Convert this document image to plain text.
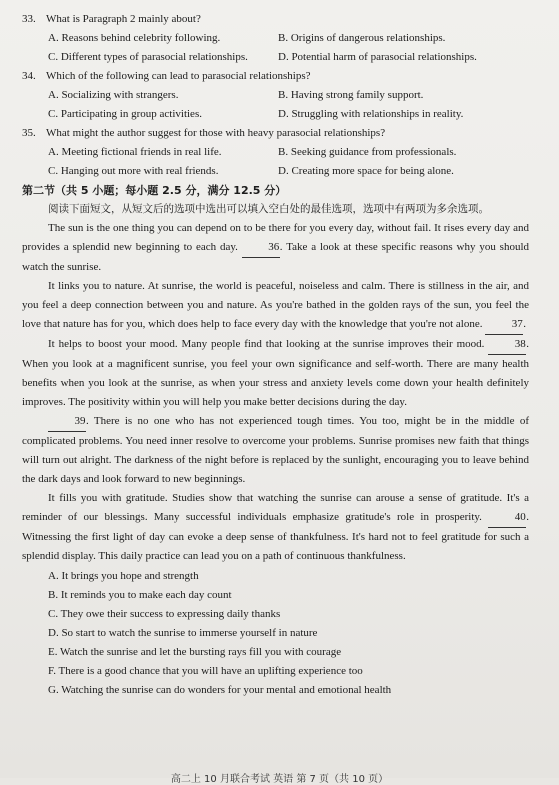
33. What is Paragraph 2 mainly about?
A. Reasons behind celebrity following.	B. Origins of dangerous relationships.
C. Different types of parasocial relationships.	D. Potential harm of parasocial relationships.
34. Which of the following can lead to parasocial relationships?
A. Socializing with strangers.	B. Having strong family support.
C. Participating in group activities.	D. Struggling with relationships in reality.
35. What might the author suggest for those with heavy parasocial relationships?
A. Meeting fictional friends in real life.	B. Seeking guidance from professionals.
C. Hanging out more with real friends.	D. Creating more space for being alone.
第二节（共 5 小题；每小题 2.5 分，满分 12.5 分）
阅读下面短文，从短文后的选项中选出可以填入空白处的最佳选项，选项中有两项为多余选项。

The sun is the one thing you can depend on to be there for you every day, without fail. It rises every day and provides a splendid new beginning to each day.	36. Take a look at these specific reasons why you should watch the sunrise.

It links you to nature. At sunrise, the world is peaceful, noiseless and calm. There is stillness in the air, and you feel a deep connection between you and nature. As you're bathed in the golden rays of the sun, you feel the love that nature has for you, which does help to face every day with the knowledge that you're not alone.	37.

It helps to boost your mood. Many people find that looking at the sunrise improves their mood.	38. When you look at a magnificent sunrise, you feel your own significance and self-worth. There are many health benefits when you look at the sunrise, as when your stress and anxiety levels come down your health definitely improves. The positivity within you will help you make better decisions during the day.

39. There is no one who has not experienced tough times. You too, might be in the middle of complicated problems. You need inner resolve to overcome your problems. Sunrise promises new faith that things will turn out alright. The darkness of the night before is replaced by the sunlight, encouraging you to leave behind the dark days and look forward to new beginnings.

It fills you with gratitude. Studies show that watching the sunrise can arouse a sense of gratitude. It's a reminder of our blessings. Many successful individuals emphasize gratitude's role in prosperity.	40. Witnessing the first light of day can evoke a deep sense of thankfulness. It's hard not to feel gratitude for such a splendid display. This daily practice can lead you on a path of continuous thankfulness.

A. It brings you hope and strength
B. It reminds you to make each day count
C. They owe their success to expressing daily thanks
D. So start to watch the sunrise to immerse yourself in nature
E. Watch the sunrise and let the bursting rays fill you with courage
F. There is a good chance that you will have an uplifting experience too
G. Watching the sunrise can do wonders for your mental and emotional health
高二上 10 月联合考试 英语 第 7 页（共 10 页）
